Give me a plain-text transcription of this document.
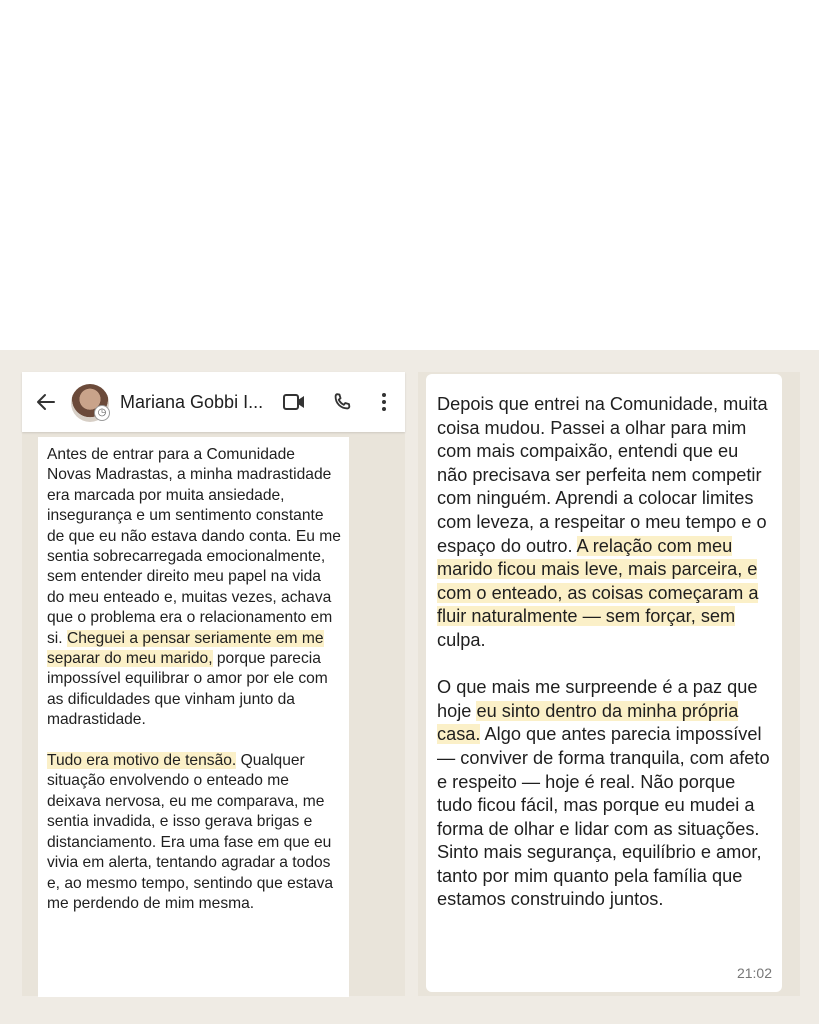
◷
Mariana Gobbi I...

Antes de entrar para a Comunidade Novas Madrastas, a minha madrastidade era marcada por muita ansiedade, insegurança e um sentimento constante de que eu não estava dando conta. Eu me sentia sobrecarregada emocionalmente, sem entender direito meu papel na vida do meu enteado e, muitas vezes, achava que o problema era o relacionamento em si. Cheguei a pensar seriamente em me separar do meu marido, porque parecia impossível equilibrar o amor por ele com as dificuldades que vinham junto da madrastidade.

Tudo era motivo de tensão. Qualquer situação envolvendo o enteado me deixava nervosa, eu me comparava, me sentia invadida, e isso gerava brigas e distanciamento. Era uma fase em que eu vivia em alerta, tentando agradar a todos e, ao mesmo tempo, sentindo que estava me perdendo de mim mesma.

Depois que entrei na Comunidade, muita coisa mudou. Passei a olhar para mim com mais compaixão, entendi que eu não precisava ser perfeita nem competir com ninguém. Aprendi a colocar limites com leveza, a respeitar o meu tempo e o espaço do outro. A relação com meu marido ficou mais leve, mais parceira, e com o enteado, as coisas começaram a fluir naturalmente — sem forçar, sem culpa.

O que mais me surpreende é a paz que hoje eu sinto dentro da minha própria casa. Algo que antes parecia impossível — conviver de forma tranquila, com afeto e respeito — hoje é real. Não porque tudo ficou fácil, mas porque eu mudei a forma de olhar e lidar com as situações. Sinto mais segurança, equilíbrio e amor, tanto por mim quanto pela família que estamos construindo juntos.

21:02
